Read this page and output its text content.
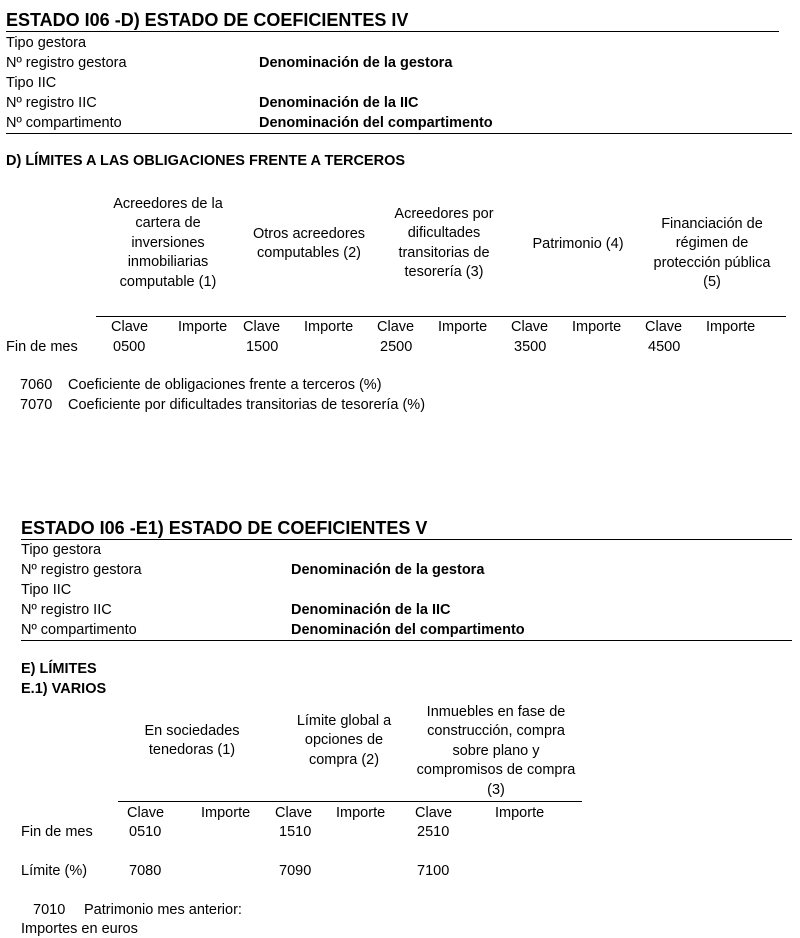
ESTADO I06 -D) ESTADO DE COEFICIENTES IV
Tipo gestora
Nº registro gestora	Denominación de la gestora
Tipo IIC
Nº registro IIC	Denominación de la IIC
Nº compartimento	Denominación del compartimento
D) LÍMITES A LAS OBLIGACIONES FRENTE A TERCEROS
Acreedores de la cartera de inversiones inmobiliarias computable (1)
Otros acreedores computables (2)
Acreedores por dificultades transitorias de tesorería (3)
Patrimonio (4)
Financiación de régimen de protección pública (5)
Clave Importe Clave Importe Clave Importe Clave Importe Clave Importe
Fin de mes 0500	1500	2500	3500	4500
7060 Coeficiente de obligaciones frente a terceros (%)
7070 Coeficiente por dificultades transitorias de tesorería (%)
ESTADO I06 -E1) ESTADO DE COEFICIENTES V
Tipo gestora
Nº registro gestora	Denominación de la gestora
Tipo IIC
Nº registro IIC	Denominación de la IIC
Nº compartimento	Denominación del compartimento
E) LÍMITES
E.1) VARIOS
En sociedades tenedoras (1)
Límite global a opciones de compra (2)
Inmuebles en fase de construcción, compra sobre plano y compromisos de compra (3)
Clave	Importe Clave Importe Clave	Importe
Fin de mes	0510	1510	2510
Límite (%)	7080	7090	7100
7010 Patrimonio mes anterior:
Importes en euros
